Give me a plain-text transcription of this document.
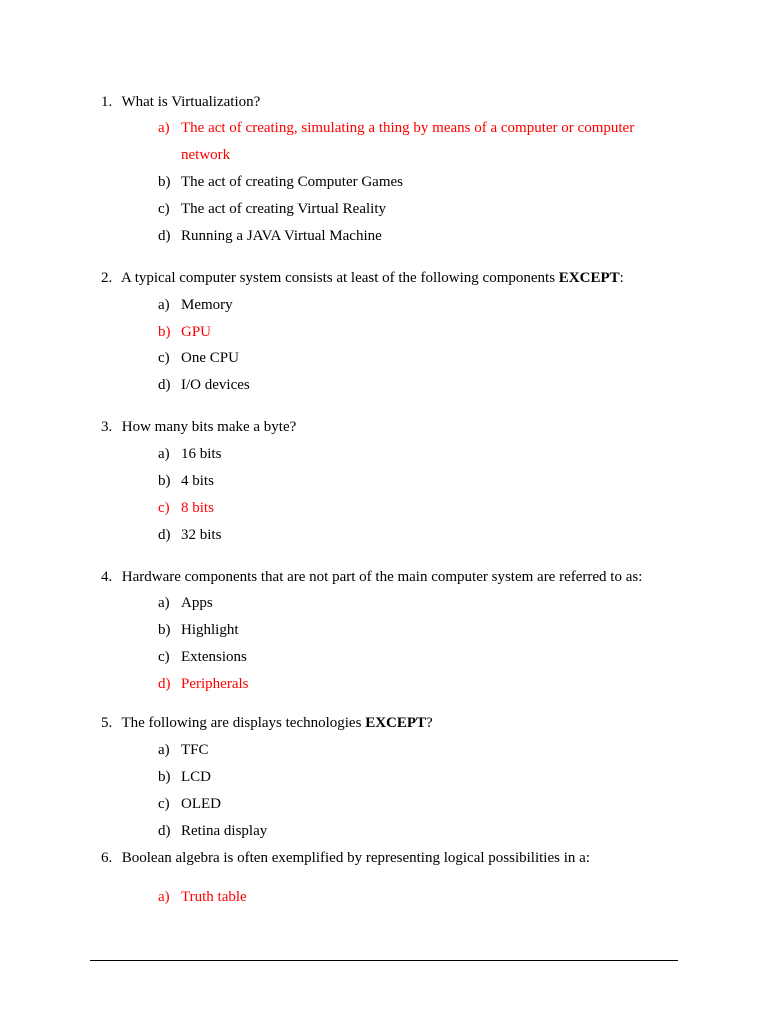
1. What is Virtualization?
a) The act of creating, simulating a thing by means of a computer or computer network
b) The act of creating Computer Games
c) The act of creating Virtual Reality
d) Running a JAVA Virtual Machine
2. A typical computer system consists at least of the following components EXCEPT:
a) Memory
b) GPU
c) One CPU
d) I/O devices
3. How many bits make a byte?
a) 16 bits
b) 4 bits
c) 8 bits
d) 32 bits
4. Hardware components that are not part of the main computer system are referred to as:
a) Apps
b) Highlight
c) Extensions
d) Peripherals
5. The following are displays technologies EXCEPT?
a) TFC
b) LCD
c) OLED
d) Retina display
6. Boolean algebra is often exemplified by representing logical possibilities in a:
a) Truth table
